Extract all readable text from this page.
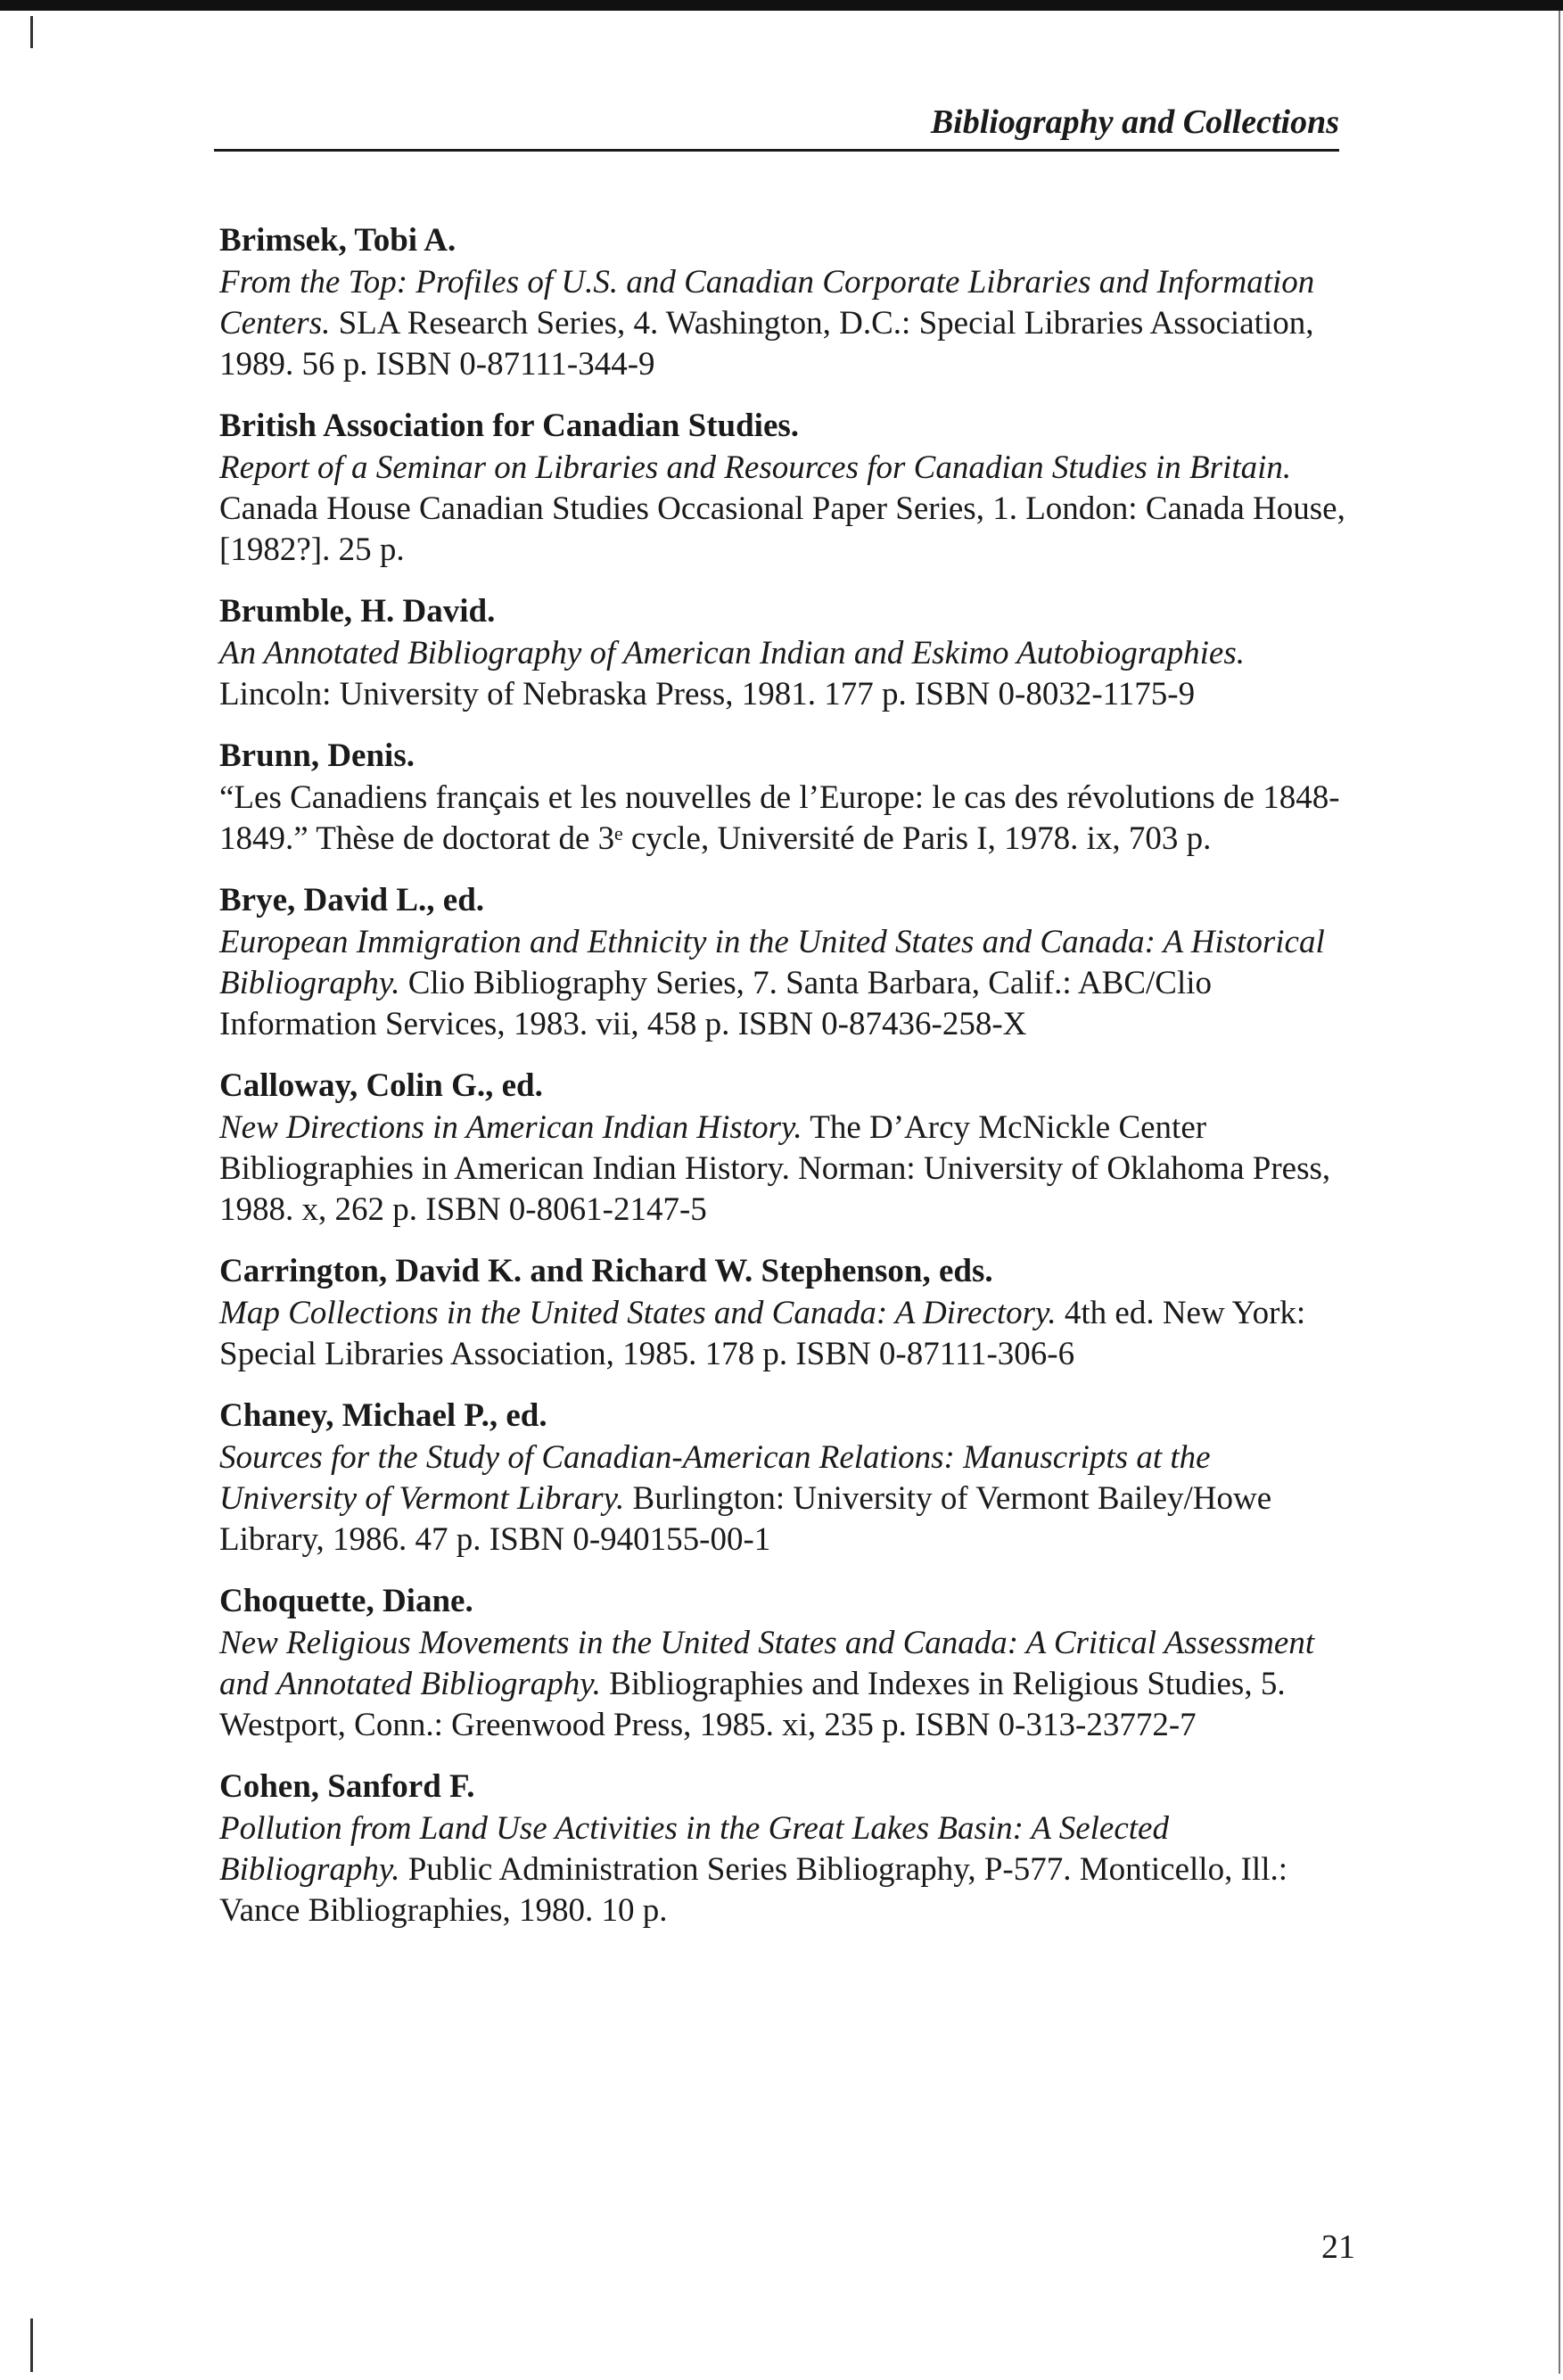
Bibliography and Collections
Brimsek, Tobi A.
From the Top: Profiles of U.S. and Canadian Corporate Libraries and Information Centers. SLA Research Series, 4. Washington, D.C.: Special Libraries Association, 1989. 56 p. ISBN 0-87111-344-9
British Association for Canadian Studies.
Report of a Seminar on Libraries and Resources for Canadian Studies in Britain. Canada House Canadian Studies Occasional Paper Series, 1. London: Canada House, [1982?]. 25 p.
Brumble, H. David.
An Annotated Bibliography of American Indian and Eskimo Autobiographies. Lincoln: University of Nebraska Press, 1981. 177 p. ISBN 0-8032-1175-9
Brunn, Denis.
“Les Canadiens français et les nouvelles de l’Europe: le cas des révolutions de 1848-1849.” Thèse de doctorat de 3ᵉ cycle, Université de Paris I, 1978. ix, 703 p.
Brye, David L., ed.
European Immigration and Ethnicity in the United States and Canada: A Historical Bibliography. Clio Bibliography Series, 7. Santa Barbara, Calif.: ABC/Clio Information Services, 1983. vii, 458 p. ISBN 0-87436-258-X
Calloway, Colin G., ed.
New Directions in American Indian History. The D’Arcy McNickle Center Bibliographies in American Indian History. Norman: University of Oklahoma Press, 1988. x, 262 p. ISBN 0-8061-2147-5
Carrington, David K. and Richard W. Stephenson, eds.
Map Collections in the United States and Canada: A Directory. 4th ed. New York: Special Libraries Association, 1985. 178 p. ISBN 0-87111-306-6
Chaney, Michael P., ed.
Sources for the Study of Canadian-American Relations: Manuscripts at the University of Vermont Library. Burlington: University of Vermont Bailey/Howe Library, 1986. 47 p. ISBN 0-940155-00-1
Choquette, Diane.
New Religious Movements in the United States and Canada: A Critical Assessment and Annotated Bibliography. Bibliographies and Indexes in Religious Studies, 5. Westport, Conn.: Greenwood Press, 1985. xi, 235 p. ISBN 0-313-23772-7
Cohen, Sanford F.
Pollution from Land Use Activities in the Great Lakes Basin: A Selected Bibliography. Public Administration Series Bibliography, P-577. Monticello, Ill.: Vance Bibliographies, 1980. 10 p.
21
